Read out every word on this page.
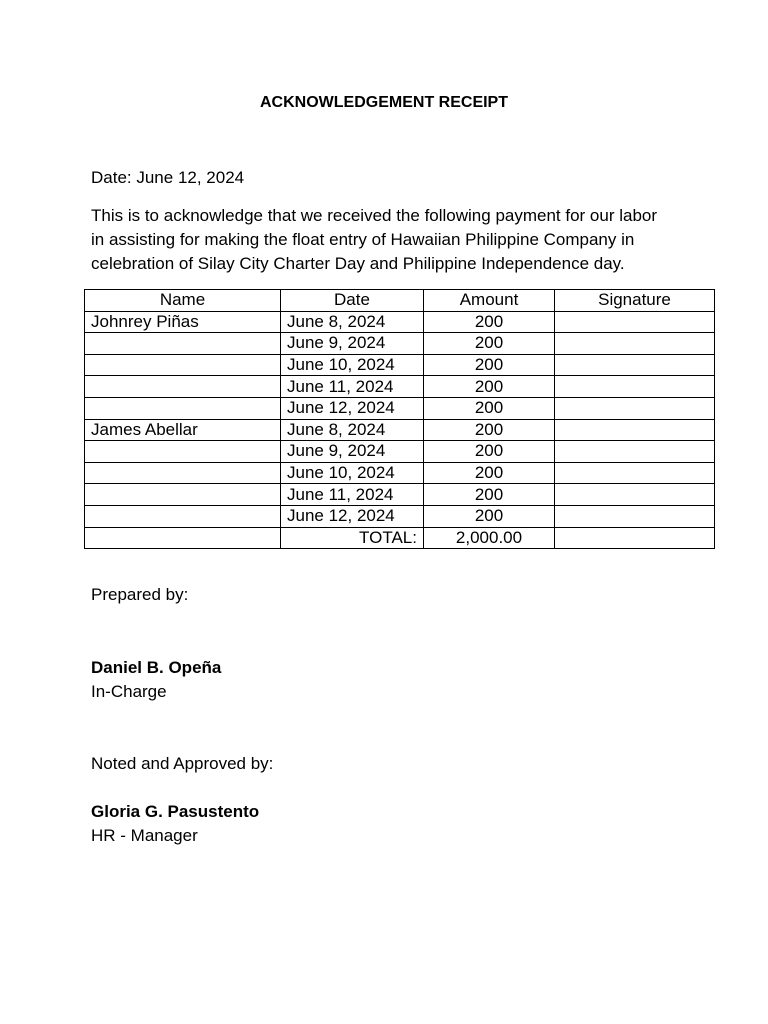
ACKNOWLEDGEMENT RECEIPT
Date: June 12, 2024
This is to acknowledge that we received the following payment for our labor
in assisting for making the float entry of Hawaiian Philippine Company in
celebration of Silay City Charter Day and Philippine Independence day.
Name	Date	Amount	Signature
Johnrey Piñas	June 8, 2024	200	
	June 9, 2024	200	
	June 10, 2024	200	
	June 11, 2024	200	
	June 12, 2024	200	
James Abellar	June 8, 2024	200	
	June 9, 2024	200	
	June 10, 2024	200	
	June 11, 2024	200	
	June 12, 2024	200	
	TOTAL:	2,000.00	
Prepared by:
Daniel B. Opeña
In-Charge
Noted and Approved by:
Gloria G. Pasustento
HR - Manager
